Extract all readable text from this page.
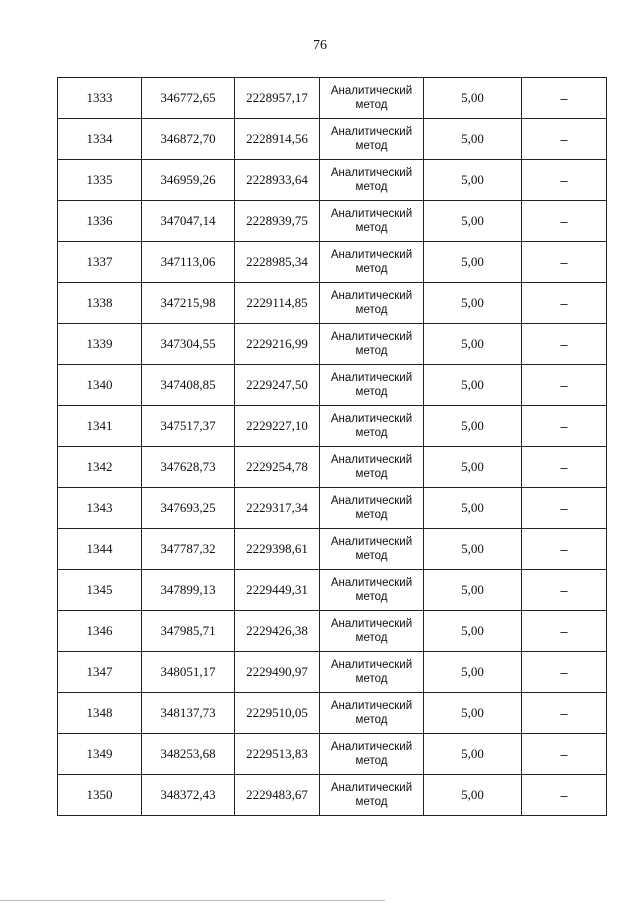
76
1333	346772,65	2228957,17	Аналитический метод	5,00	–
1334	346872,70	2228914,56	Аналитический метод	5,00	–
1335	346959,26	2228933,64	Аналитический метод	5,00	–
1336	347047,14	2228939,75	Аналитический метод	5,00	–
1337	347113,06	2228985,34	Аналитический метод	5,00	–
1338	347215,98	2229114,85	Аналитический метод	5,00	–
1339	347304,55	2229216,99	Аналитический метод	5,00	–
1340	347408,85	2229247,50	Аналитический метод	5,00	–
1341	347517,37	2229227,10	Аналитический метод	5,00	–
1342	347628,73	2229254,78	Аналитический метод	5,00	–
1343	347693,25	2229317,34	Аналитический метод	5,00	–
1344	347787,32	2229398,61	Аналитический метод	5,00	–
1345	347899,13	2229449,31	Аналитический метод	5,00	–
1346	347985,71	2229426,38	Аналитический метод	5,00	–
1347	348051,17	2229490,97	Аналитический метод	5,00	–
1348	348137,73	2229510,05	Аналитический метод	5,00	–
1349	348253,68	2229513,83	Аналитический метод	5,00	–
1350	348372,43	2229483,67	Аналитический метод	5,00	–
